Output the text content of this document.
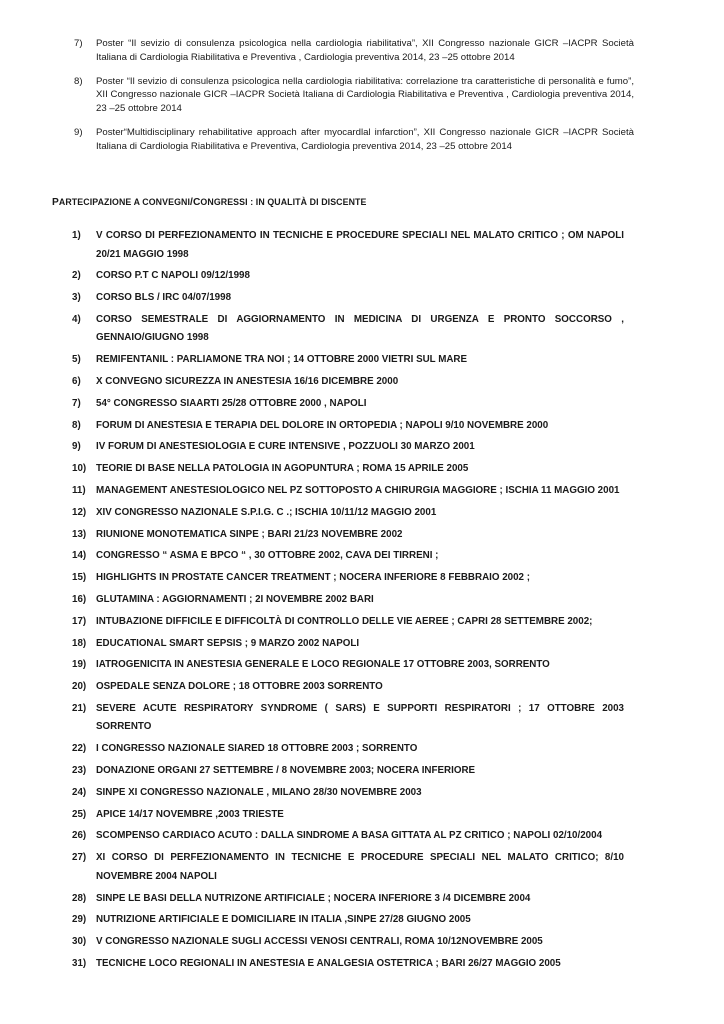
7) Poster “Il sevizio di consulenza psicologica nella cardiologia riabilitativa”, XII Congresso nazionale GICR –IACPR Società Italiana di Cardiologia Riabilitativa e Preventiva , Cardiologia preventiva 2014, 23 –25 ottobre 2014
8) Poster “Il sevizio di consulenza psicologica nella cardiologia riabilitativa: correlazione tra caratteristiche di personalità e fumo”, XII Congresso nazionale GICR –IACPR Società Italiana di Cardiologia Riabilitativa e Preventiva , Cardiologia preventiva 2014, 23 –25 ottobre 2014
9) Poster“Multidisciplinary rehabilitative approach after myocardlal infarction”, XII Congresso nazionale GICR –IACPR Società Italiana di Cardiologia Riabilitativa e Preventiva, Cardiologia preventiva 2014, 23 –25 ottobre 2014
PARTECIPAZIONE A CONVEGNI/CONGRESSI : IN QUALITÀ DI DISCENTE
1) V CORSO DI PERFEZIONAMENTO IN TECNICHE E PROCEDURE SPECIALI NEL MALATO CRITICO ; OM NAPOLI 20/21 MAGGIO 1998
2) CORSO P.T C NAPOLI 09/12/1998
3) CORSO BLS / IRC 04/07/1998
4) CORSO SEMESTRALE DI AGGIORNAMENTO IN MEDICINA DI URGENZA E PRONTO SOCCORSO , GENNAIO/GIUGNO 1998
5) REMIFENTANIL : PARLIAMONE TRA NOI ; 14 OTTOBRE 2000 VIETRI SUL MARE
6) X CONVEGNO SICUREZZA IN ANESTESIA 16/16 DICEMBRE 2000
7) 54° CONGRESSO SIAARTI 25/28 OTTOBRE 2000 , NAPOLI
8) FORUM DI ANESTESIA E TERAPIA DEL DOLORE IN ORTOPEDIA ; NAPOLI 9/10 NOVEMBRE 2000
9) IV FORUM DI ANESTESIOLOGIA E CURE INTENSIVE , POZZUOLI 30 MARZO 2001
10) TEORIE DI BASE NELLA PATOLOGIA IN AGOPUNTURA ; ROMA 15 APRILE 2005
11) MANAGEMENT ANESTESIOLOGICO NEL PZ SOTTOPOSTO A CHIRURGIA MAGGIORE ; ISCHIA 11 MAGGIO 2001
12) XIV CONGRESSO NAZIONALE S.P.I.G. C .; ISCHIA 10/11/12 MAGGIO 2001
13) RIUNIONE MONOTEMATICA SINPE ; BARI 21/23 NOVEMBRE 2002
14) CONGRESSO “ ASMA E BPCO “ , 30 OTTOBRE 2002, CAVA DEI TIRRENI ;
15) HIGHLIGHTS IN PROSTATE CANCER TREATMENT ; NOCERA INFERIORE 8 FEBBRAIO 2002 ;
16) GLUTAMINA : AGGIORNAMENTI ; 2I NOVEMBRE 2002 BARI
17) INTUBAZIONE DIFFICILE E DIFFICOLTÀ DI CONTROLLO DELLE VIE AEREE ; CAPRI 28 SETTEMBRE 2002;
18) EDUCATIONAL SMART SEPSIS ; 9 MARZO 2002 NAPOLI
19) IATROGENICITA IN ANESTESIA GENERALE E LOCO REGIONALE 17 OTTOBRE 2003, SORRENTO
20) OSPEDALE SENZA DOLORE ; 18 OTTOBRE 2003 SORRENTO
21) SEVERE ACUTE RESPIRATORY SYNDROME ( SARS) E SUPPORTI RESPIRATORI ; 17 OTTOBRE 2003 SORRENTO
22) I CONGRESSO NAZIONALE SIARED 18 OTTOBRE 2003 ; SORRENTO
23) DONAZIONE ORGANI 27 SETTEMBRE / 8 NOVEMBRE 2003; NOCERA INFERIORE
24) SINPE XI CONGRESSO NAZIONALE , MILANO 28/30 NOVEMBRE 2003
25) APICE 14/17 NOVEMBRE ,2003 TRIESTE
26) SCOMPENSO CARDIACO ACUTO : DALLA SINDROME A BASA GITTATA AL PZ CRITICO ; NAPOLI 02/10/2004
27) XI CORSO DI PERFEZIONAMENTO IN TECNICHE E PROCEDURE SPECIALI NEL MALATO CRITICO; 8/10 NOVEMBRE 2004 NAPOLI
28) SINPE LE BASI DELLA NUTRIZONE ARTIFICIALE ; NOCERA INFERIORE 3 /4 DICEMBRE 2004
29) NUTRIZIONE ARTIFICIALE E DOMICILIARE IN ITALIA ,SINPE 27/28 GIUGNO 2005
30) V CONGRESSO NAZIONALE SUGLI ACCESSI VENOSI CENTRALI, ROMA 10/12NOVEMBRE 2005
31) TECNICHE LOCO REGIONALI IN ANESTESIA E ANALGESIA OSTETRICA ; BARI 26/27 MAGGIO 2005
